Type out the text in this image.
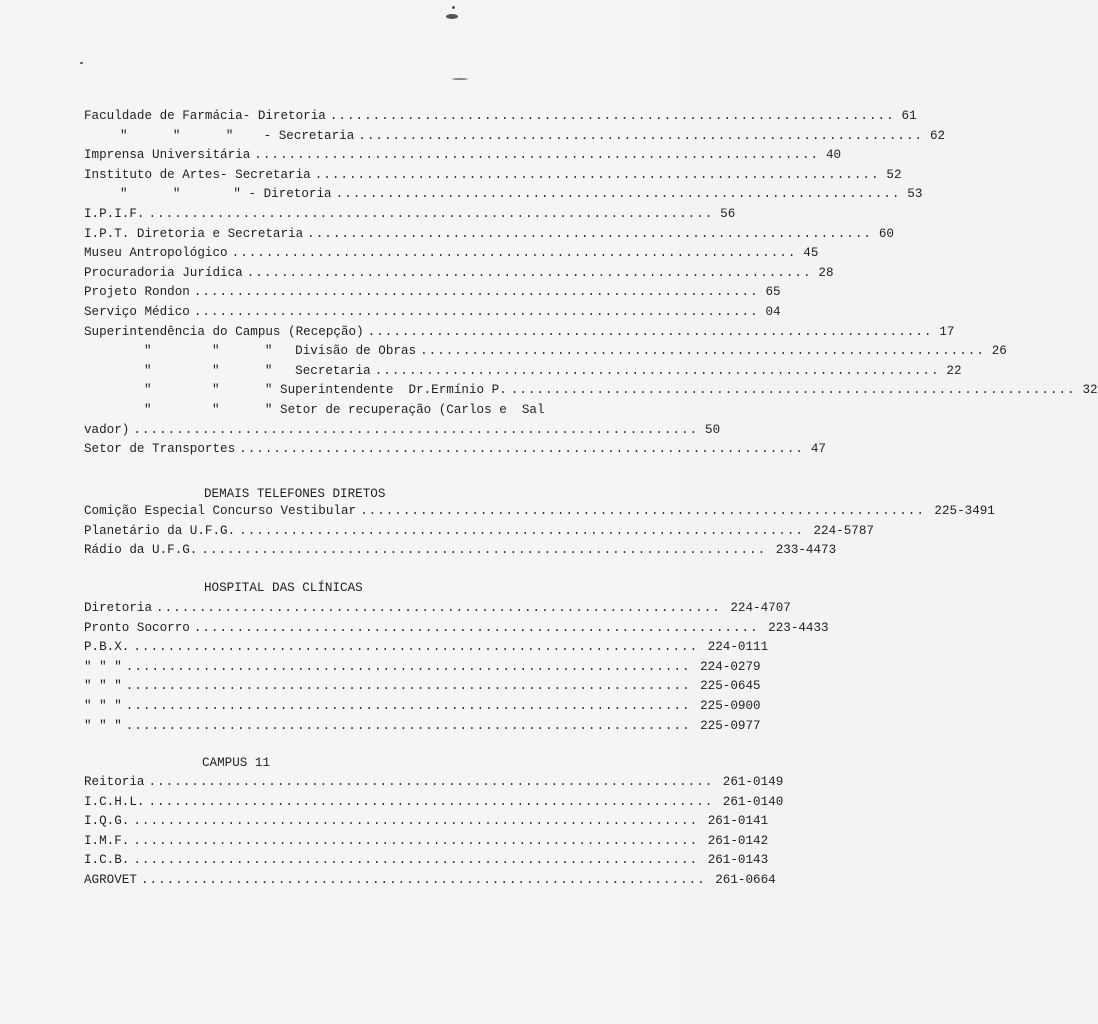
Faculdade de Farmácia- Diretoria .................................................................. 61
"      "      "    - Secretaria .................................................................. 62
Imprensa Universitária .................................................................. 40
Instituto de Artes- Secretaria .................................................................. 52
"      "       " - Diretoria .................................................................. 53
I.P.I.F. .................................................................. 56
I.P.T. Diretoria e Secretaria .................................................................. 60
Museu Antropológico .................................................................. 45
Procuradoria Jurídica .................................................................. 28
Projeto Rondon .................................................................. 65
Serviço Médico .................................................................. 04
Superintendência do Campus (Recepção) .................................................................. 17
"        "      "   Divisão de Obras .................................................................. 26
"        "      "   Secretaria .................................................................. 22
"        "      " Superintendente  Dr.Ermínio P. .................................................................. 32
"        "      " Setor de recuperação (Carlos e  Sal
vador) .................................................................. 50
Setor de Transportes .................................................................. 47
DEMAIS TELEFONES DIRETOS
Comição Especial Concurso Vestibular .................................................................. 225-3491
Planetário da U.F.G. .................................................................. 224-5787
Rádio da U.F.G. .................................................................. 233-4473
HOSPITAL DAS CLÍNICAS
Diretoria .................................................................. 224-4707
Pronto Socorro .................................................................. 223-4433
P.B.X. .................................................................. 224-0111
" " " .................................................................. 224-0279
" " " .................................................................. 225-0645
" " " .................................................................. 225-0900
" " " .................................................................. 225-0977
CAMPUS 11
Reitoria .................................................................. 261-0149
I.C.H.L. .................................................................. 261-0140
I.Q.G. .................................................................. 261-0141
I.M.F. .................................................................. 261-0142
I.C.B. .................................................................. 261-0143
AGROVET .................................................................. 261-0664
